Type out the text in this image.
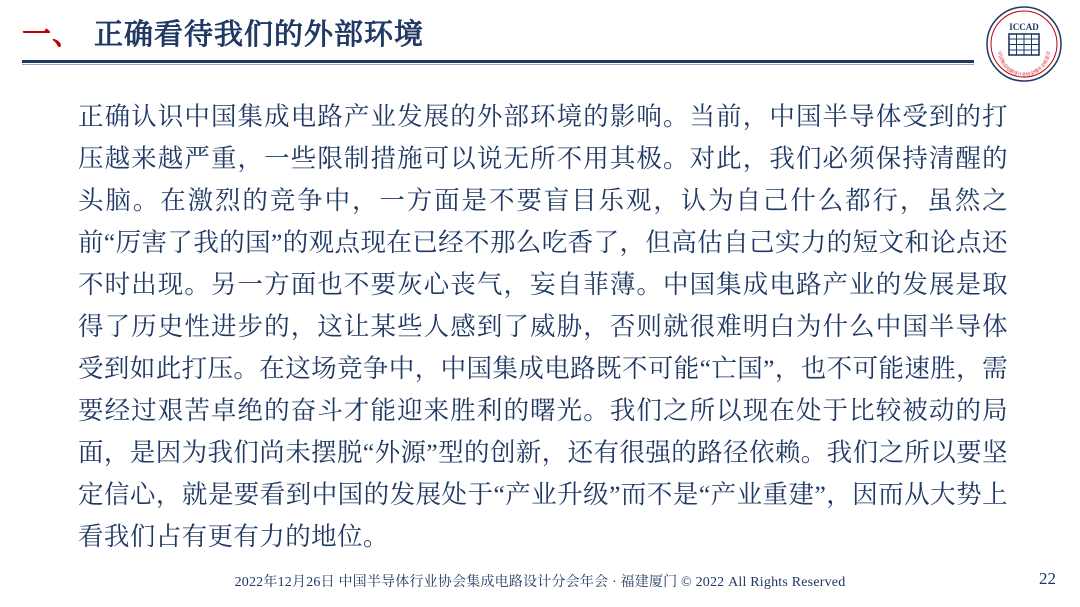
一、 正确看待我们的外部环境	ICCAD
中国集成电路设计业协会暨年会组委会
正确认识中国集成电路产业发展的外部环境的影响。当前，中国半导体受到的打压越来越严重，一些限制措施可以说无所不用其极。对此，我们必须保持清醒的头脑。在激烈的竞争中，一方面是不要盲目乐观，认为自己什么都行，虽然之前“厉害了我的国”的观点现在已经不那么吃香了，但高估自己实力的短文和论点还不时出现。另一方面也不要灰心丧气，妄自菲薄。中国集成电路产业的发展是取得了历史性进步的，这让某些人感到了威胁，否则就很难明白为什么中国半导体受到如此打压。在这场竞争中，中国集成电路既不可能“亡国”，也不可能速胜，需要经过艰苦卓绝的奋斗才能迎来胜利的曙光。我们之所以现在处于比较被动的局面，是因为我们尚未摆脱“外源”型的创新，还有很强的路径依赖。我们之所以要坚定信心，就是要看到中国的发展处于“产业升级”而不是“产业重建”，因而从大势上看我们占有更有力的地位。
2022年12月26日 中国半导体行业协会集成电路设计分会年会 · 福建厦门 © 2022 All Rights Reserved	22
